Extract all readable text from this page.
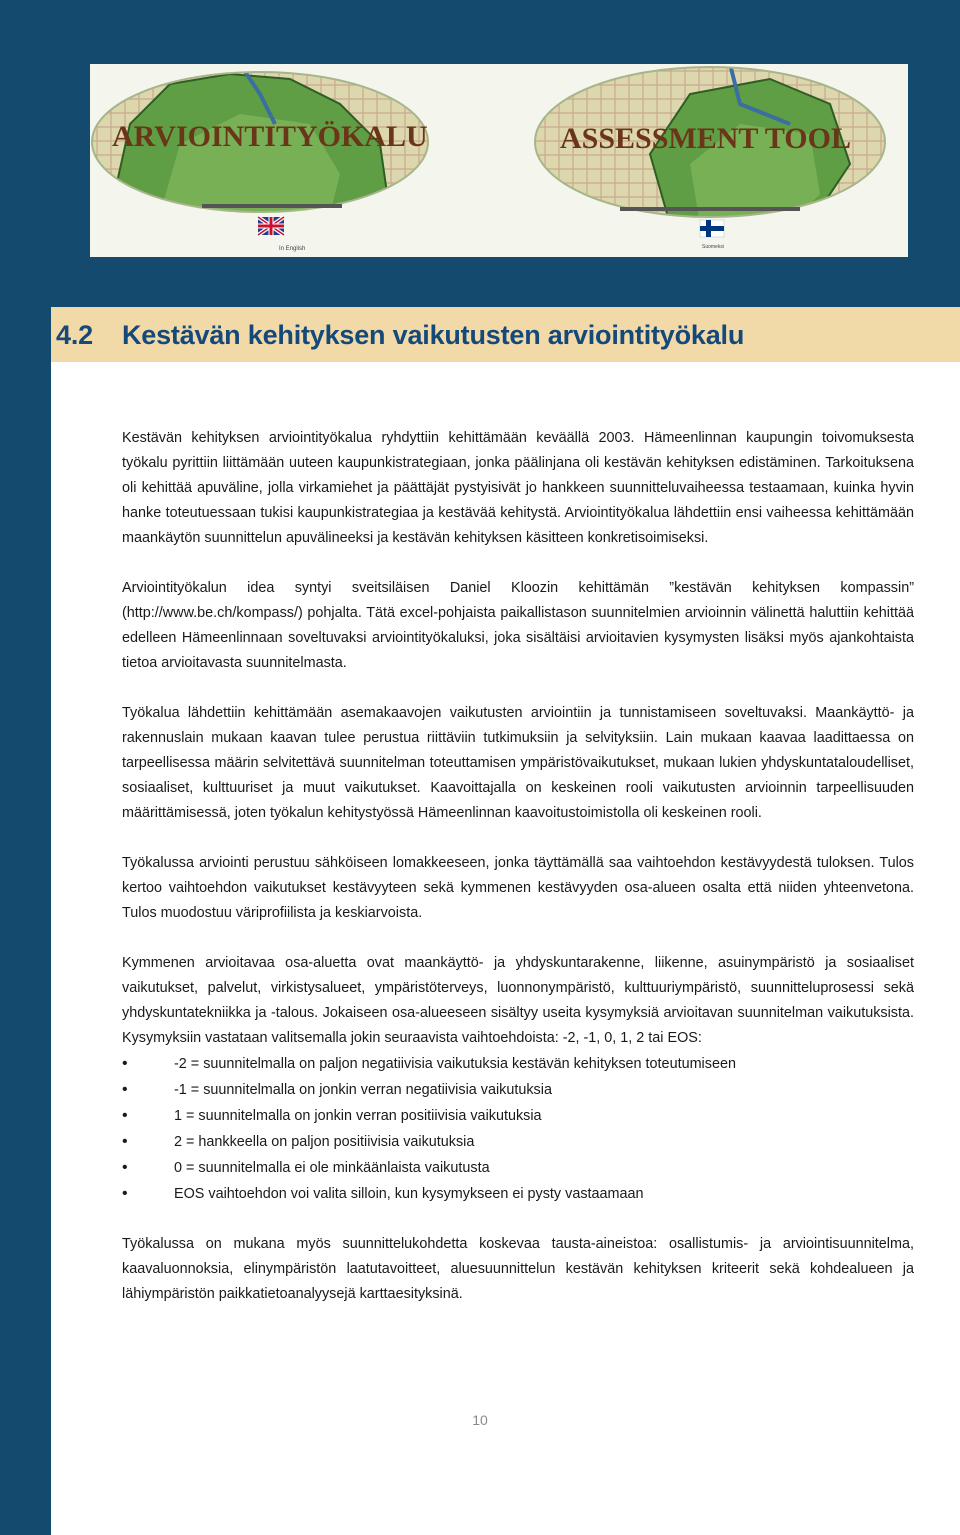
ARVIOINTITYÖKALU
In English
ASSESSMENT TOOL
Suomeksi
4.2 Kestävän kehityksen vaikutusten arviointityökalu

Kestävän kehityksen arviointityökalua ryhdyttiin kehittämään keväällä 2003. Hämeenlinnan kaupungin toivomuksesta työkalu pyrittiin liittämään uuteen kaupunkistrategiaan, jonka päälinjana oli kestävän kehityksen edistäminen. Tarkoituksena oli kehittää apuväline, jolla virkamiehet ja päättäjät pystyisivät jo hankkeen suunnitteluvaiheessa testaamaan, kuinka hyvin hanke toteutuessaan tukisi kaupunkistrategiaa ja kestävää kehitystä. Arviointityökalua lähdettiin ensi vaiheessa kehittämään maankäytön suunnittelun apuvälineeksi ja kestävän kehityksen käsitteen konkretisoimiseksi.

Arviointityökalun idea syntyi sveitsiläisen Daniel Kloozin kehittämän ”kestävän kehityksen kompassin” (http://www.be.ch/kompass/) pohjalta. Tätä excel-pohjaista paikallistason suunnitelmien arvioinnin välinettä haluttiin kehittää edelleen Hämeenlinnaan soveltuvaksi arviointityökaluksi, joka sisältäisi arvioitavien kysymysten lisäksi myös ajankohtaista tietoa arvioitavasta suunnitelmasta.

Työkalua lähdettiin kehittämään asemakaavojen vaikutusten arviointiin ja tunnistamiseen soveltuvaksi. Maankäyttö- ja rakennuslain mukaan kaavan tulee perustua riittäviin tutkimuksiin ja selvityksiin. Lain mukaan kaavaa laadittaessa on tarpeellisessa määrin selvitettävä suunnitelman toteuttamisen ympäristövaikutukset, mukaan lukien yhdyskuntataloudelliset, sosiaaliset, kulttuuriset ja muut vaikutukset. Kaavoittajalla on keskeinen rooli vaikutusten arvioinnin tarpeellisuuden määrittämisessä, joten työkalun kehitystyössä Hämeenlinnan kaavoitustoimistolla oli keskeinen rooli.

Työkalussa arviointi perustuu sähköiseen lomakkeeseen, jonka täyttämällä saa vaihtoehdon kestävyydestä tuloksen. Tulos kertoo vaihtoehdon vaikutukset kestävyyteen sekä kymmenen kestävyyden osa-alueen osalta että niiden yhteenvetona. Tulos muodostuu väriprofiilista ja keskiarvoista.

Kymmenen arvioitavaa osa-aluetta ovat maankäyttö- ja yhdyskuntarakenne, liikenne, asuinympäristö ja sosiaaliset vaikutukset, palvelut, virkistysalueet, ympäristöterveys, luonnonympäristö, kulttuuriympäristö, suunnitteluprosessi sekä yhdyskuntatekniikka ja -talous. Jokaiseen osa-alueeseen sisältyy useita kysymyksiä arvioitavan suunnitelman vaikutuksista. Kysymyksiin vastataan valitsemalla jokin seuraavista vaihtoehdoista: -2, -1, 0, 1, 2 tai EOS:

• -2 = suunnitelmalla on paljon negatiivisia vaikutuksia kestävän kehityksen toteutumiseen
• -1 = suunnitelmalla on jonkin verran negatiivisia vaikutuksia
• 1 = suunnitelmalla on jonkin verran positiivisia vaikutuksia
• 2 = hankkeella on paljon positiivisia vaikutuksia
• 0 = suunnitelmalla ei ole minkäänlaista vaikutusta
• EOS vaihtoehdon voi valita silloin, kun kysymykseen ei pysty vastaamaan

Työkalussa on mukana myös suunnittelukohdetta koskevaa tausta-aineistoa: osallistumis- ja arviointisuunnitelma, kaavaluonnoksia, elinympäristön laatutavoitteet, aluesuunnittelun kestävän kehityksen kriteerit sekä kohdealueen ja lähiympäristön paikkatietoanalyysejä karttaesityksinä.

10
